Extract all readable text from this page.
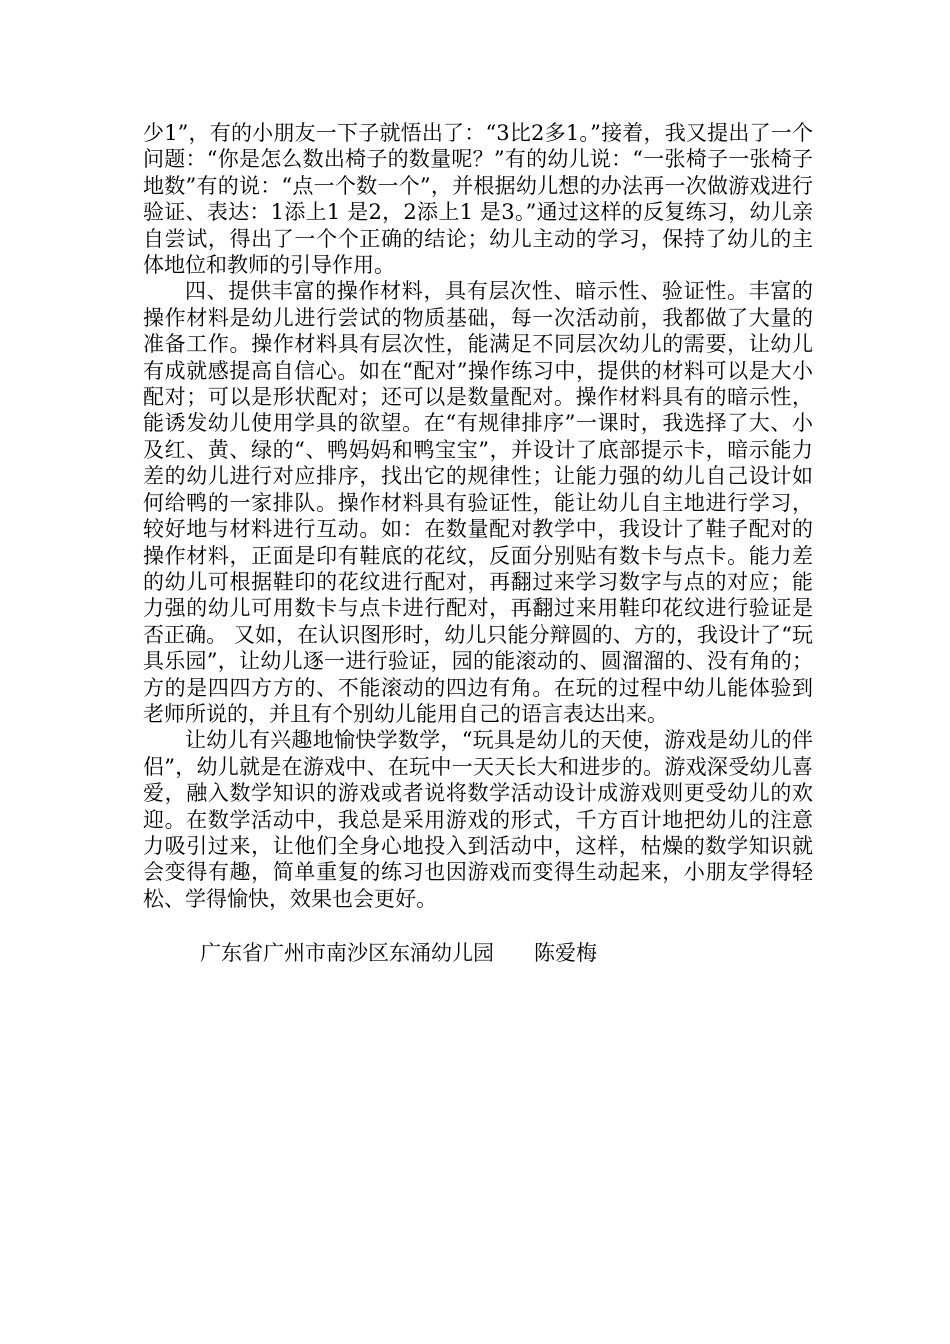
少1”，有的小朋友一下子就悟出了：“3比2多1。”接着，我又提出了一个问题：“你是怎么数出椅子的数量呢？”有的幼儿说：“一张椅子一张椅子地数”有的说：“点一个数一个”，并根据幼儿想的办法再一次做游戏进行验证、表达：1添上1 是2，2添上1 是3。”通过这样的反复练习，幼儿亲自尝试，得出了一个个正确的结论；幼儿主动的学习，保持了幼儿的主体地位和教师的引导作用。

四、提供丰富的操作材料，具有层次性、暗示性、验证性。丰富的操作材料是幼儿进行尝试的物质基础，每一次活动前，我都做了大量的准备工作。操作材料具有层次性，能满足不同层次幼儿的需要，让幼儿有成就感提高自信心。如在“配对”操作练习中，提供的材料可以是大小配对；可以是形状配对；还可以是数量配对。操作材料具有的暗示性，能诱发幼儿使用学具的欲望。在“有规律排序”一课时，我选择了大、小及红、黄、绿的“、鸭妈妈和鸭宝宝”，并设计了底部提示卡，暗示能力差的幼儿进行对应排序，找出它的规律性；让能力强的幼儿自己设计如何给鸭的一家排队。操作材料具有验证性，能让幼儿自主地进行学习，较好地与材料进行互动。如：在数量配对教学中，我设计了鞋子配对的操作材料，正面是印有鞋底的花纹，反面分别贴有数卡与点卡。能力差的幼儿可根据鞋印的花纹进行配对，再翻过来学习数字与点的对应；能力强的幼儿可用数卡与点卡进行配对，再翻过来用鞋印花纹进行验证是否正确。 又如，在认识图形时，幼儿只能分辩圆的、方的，我设计了“玩具乐园”，让幼儿逐一进行验证，园的能滚动的、圆溜溜的、没有角的；方的是四四方方的、不能滚动的四边有角。在玩的过程中幼儿能体验到老师所说的，并且有个别幼儿能用自己的语言表达出来。

让幼儿有兴趣地愉快学数学，“玩具是幼儿的天使，游戏是幼儿的伴侣”，幼儿就是在游戏中、在玩中一天天长大和进步的。游戏深受幼儿喜爱，融入数学知识的游戏或者说将数学活动设计成游戏则更受幼儿的欢迎。在数学活动中，我总是采用游戏的形式，千方百计地把幼儿的注意力吸引过来，让他们全身心地投入到活动中，这样，枯燥的数学知识就会变得有趣，简单重复的练习也因游戏而变得生动起来，小朋友学得轻松、学得愉快，效果也会更好。

广东省广州市南沙区东涌幼儿园 陈爱梅
